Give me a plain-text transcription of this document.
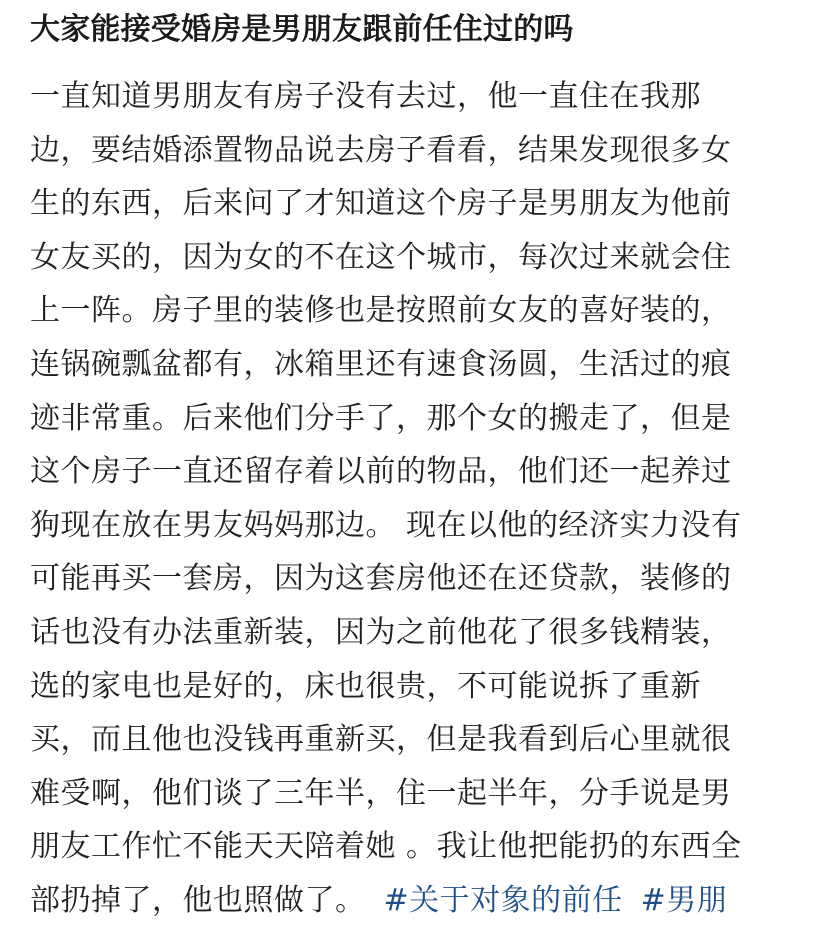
大家能接受婚房是男朋友跟前任住过的吗
一直知道男朋友有房子没有去过，他一直住在我那
边，要结婚添置物品说去房子看看，结果发现很多女
生的东西，后来问了才知道这个房子是男朋友为他前
女友买的，因为女的不在这个城市，每次过来就会住
上一阵。房子里的装修也是按照前女友的喜好装的，
连锅碗瓢盆都有，冰箱里还有速食汤圆，生活过的痕
迹非常重。后来他们分手了，那个女的搬走了，但是
这个房子一直还留存着以前的物品，他们还一起养过
狗现在放在男友妈妈那边。 现在以他的经济实力没有
可能再买一套房，因为这套房他还在还贷款，装修的
话也没有办法重新装，因为之前他花了很多钱精装，
选的家电也是好的，床也很贵，不可能说拆了重新
买，而且他也没钱再重新买，但是我看到后心里就很
难受啊，他们谈了三年半，住一起半年，分手说是男
朋友工作忙不能天天陪着她 。我让他把能扔的东西全
部扔掉了，他也照做了。 #关于对象的前任 #男朋
